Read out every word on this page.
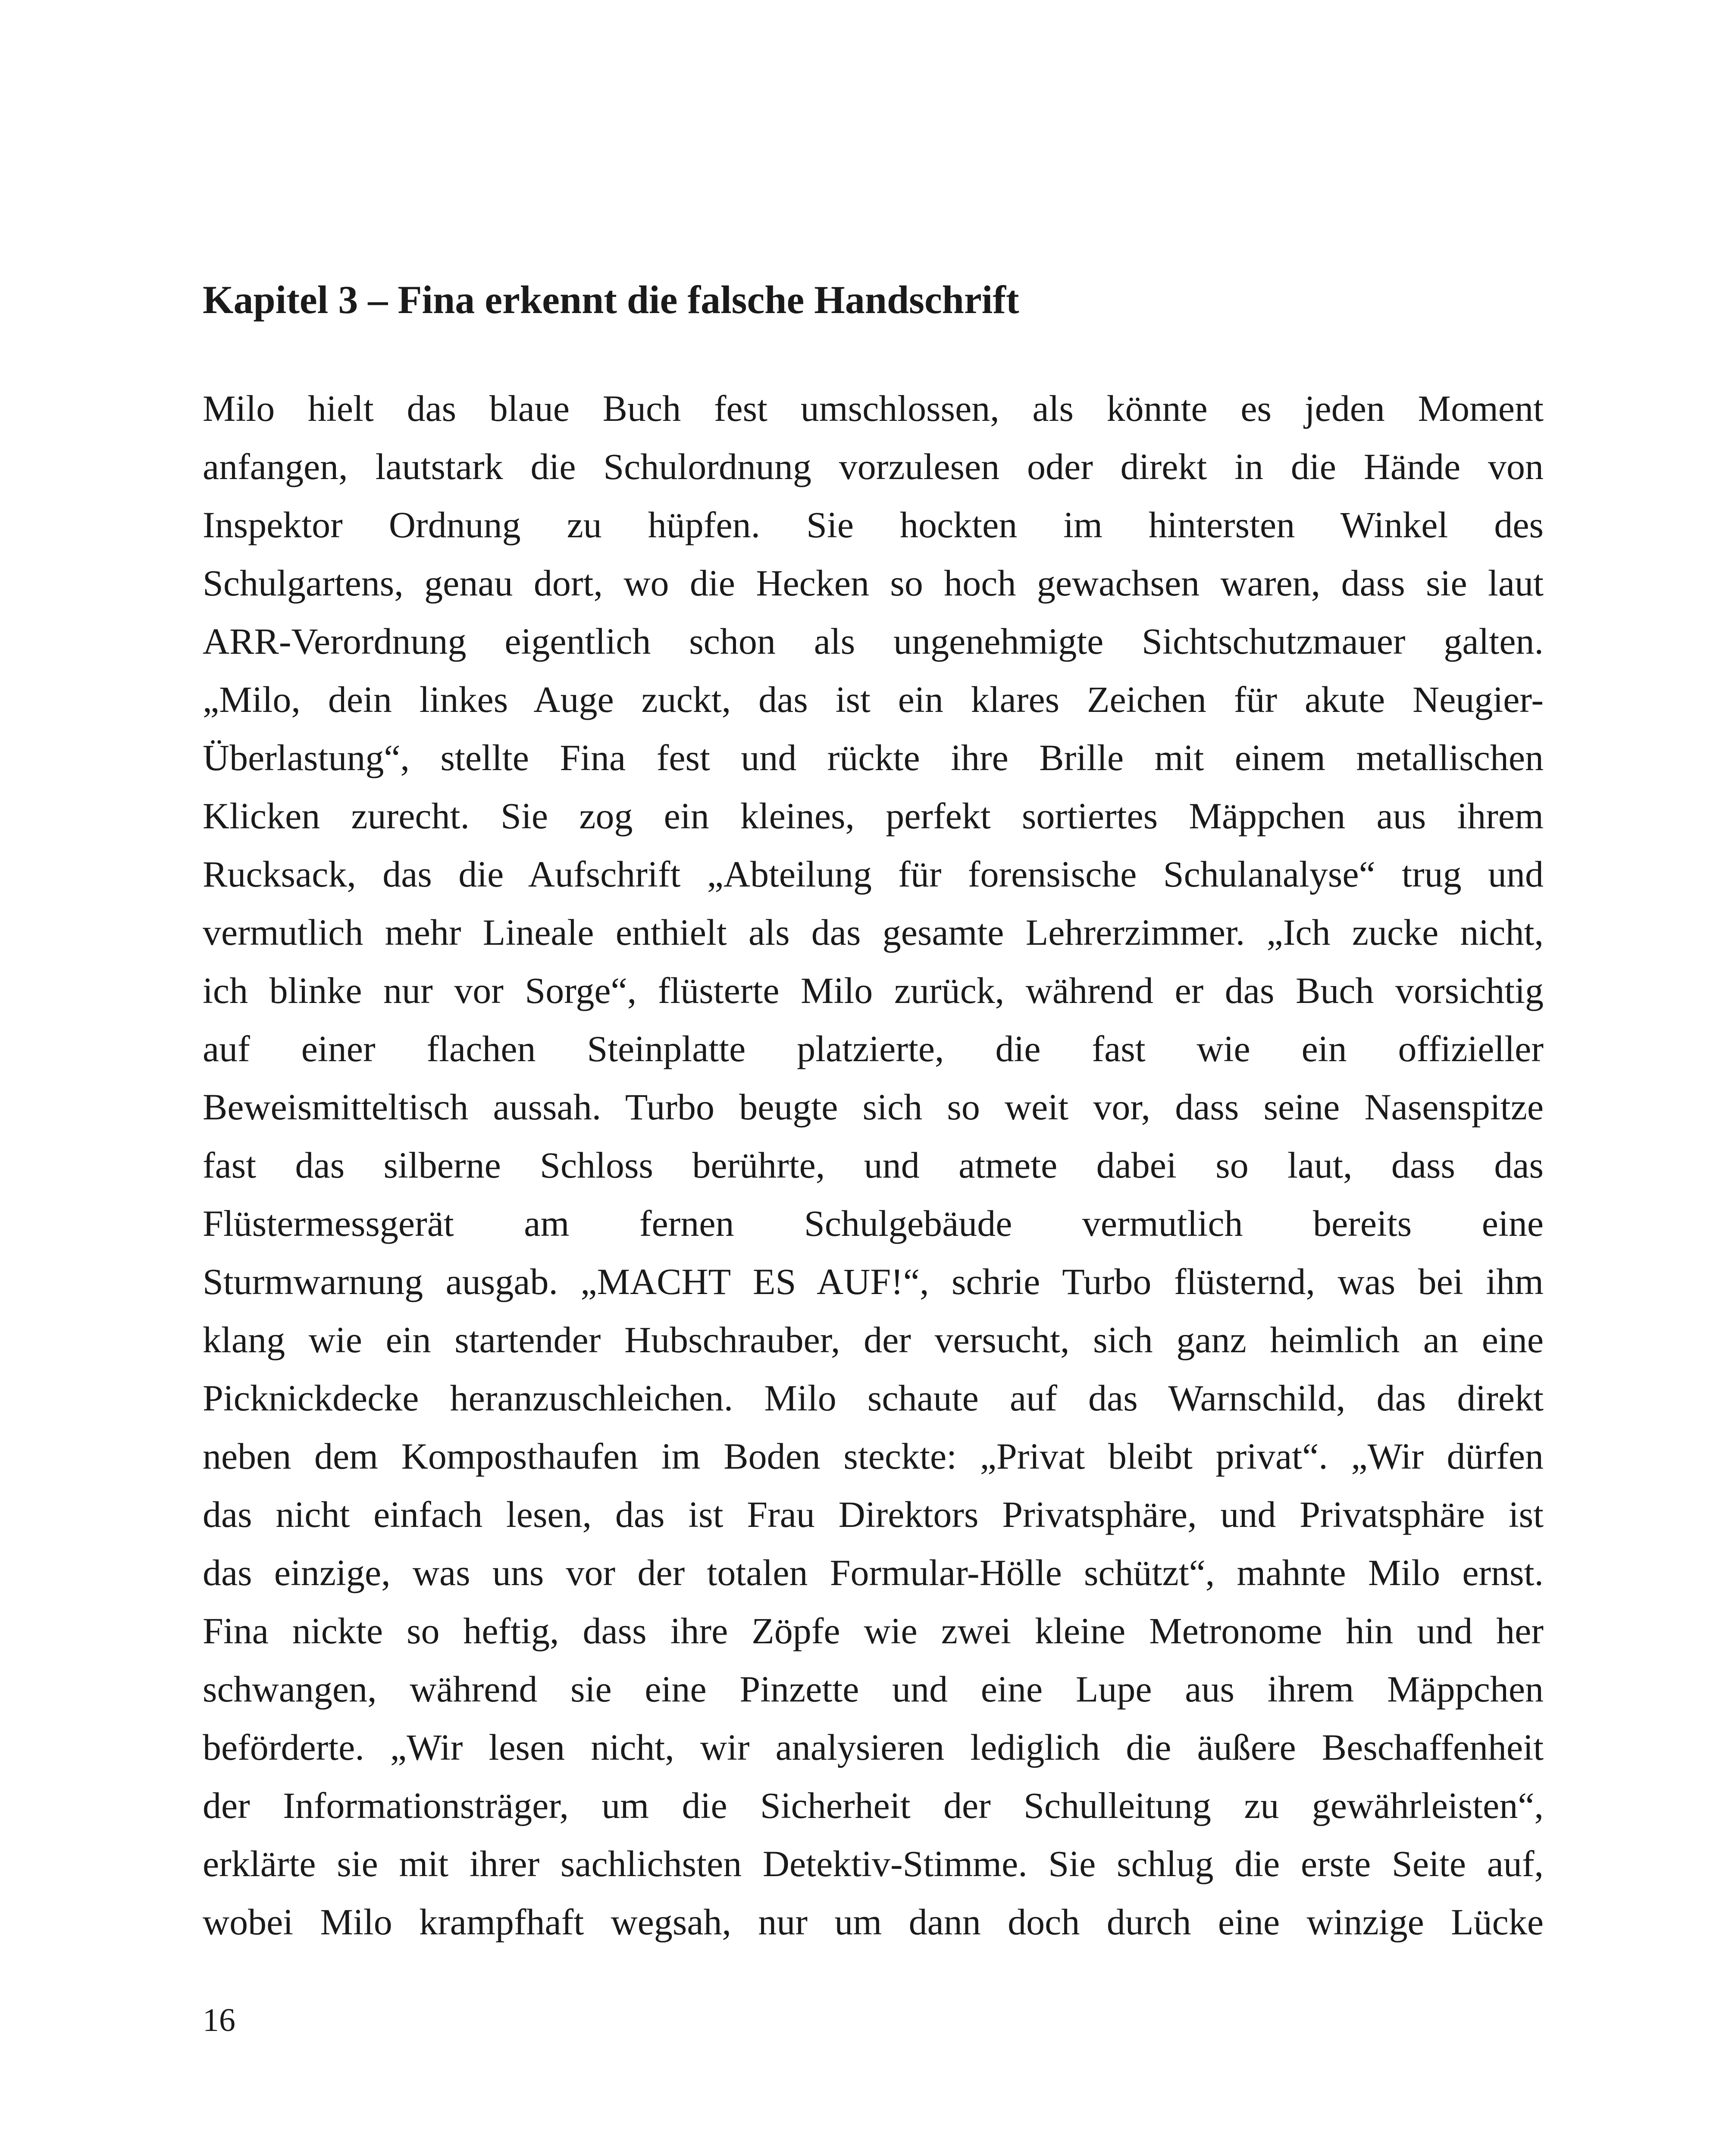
Kapitel 3 – Fina erkennt die falsche Handschrift
Milo hielt das blaue Buch fest umschlossen, als könnte es jeden Moment
anfangen, lautstark die Schulordnung vorzulesen oder direkt in die Hände von
Inspektor Ordnung zu hüpfen. Sie hockten im hintersten Winkel des
Schulgartens, genau dort, wo die Hecken so hoch gewachsen waren, dass sie laut
ARR-Verordnung eigentlich schon als ungenehmigte Sichtschutzmauer galten.
„Milo, dein linkes Auge zuckt, das ist ein klares Zeichen für akute Neugier-
Überlastung“, stellte Fina fest und rückte ihre Brille mit einem metallischen
Klicken zurecht. Sie zog ein kleines, perfekt sortiertes Mäppchen aus ihrem
Rucksack, das die Aufschrift „Abteilung für forensische Schulanalyse“ trug und
vermutlich mehr Lineale enthielt als das gesamte Lehrerzimmer. „Ich zucke nicht,
ich blinke nur vor Sorge“, flüsterte Milo zurück, während er das Buch vorsichtig
auf einer flachen Steinplatte platzierte, die fast wie ein offizieller
Beweismitteltisch aussah. Turbo beugte sich so weit vor, dass seine Nasenspitze
fast das silberne Schloss berührte, und atmete dabei so laut, dass das
Flüstermessgerät am fernen Schulgebäude vermutlich bereits eine
Sturmwarnung ausgab. „MACHT ES AUF!“, schrie Turbo flüsternd, was bei ihm
klang wie ein startender Hubschrauber, der versucht, sich ganz heimlich an eine
Picknickdecke heranzuschleichen. Milo schaute auf das Warnschild, das direkt
neben dem Komposthaufen im Boden steckte: „Privat bleibt privat“. „Wir dürfen
das nicht einfach lesen, das ist Frau Direktors Privatsphäre, und Privatsphäre ist
das einzige, was uns vor der totalen Formular-Hölle schützt“, mahnte Milo ernst.
Fina nickte so heftig, dass ihre Zöpfe wie zwei kleine Metronome hin und her
schwangen, während sie eine Pinzette und eine Lupe aus ihrem Mäppchen
beförderte. „Wir lesen nicht, wir analysieren lediglich die äußere Beschaffenheit
der Informationsträger, um die Sicherheit der Schulleitung zu gewährleisten“,
erklärte sie mit ihrer sachlichsten Detektiv-Stimme. Sie schlug die erste Seite auf,
wobei Milo krampfhaft wegsah, nur um dann doch durch eine winzige Lücke

16
